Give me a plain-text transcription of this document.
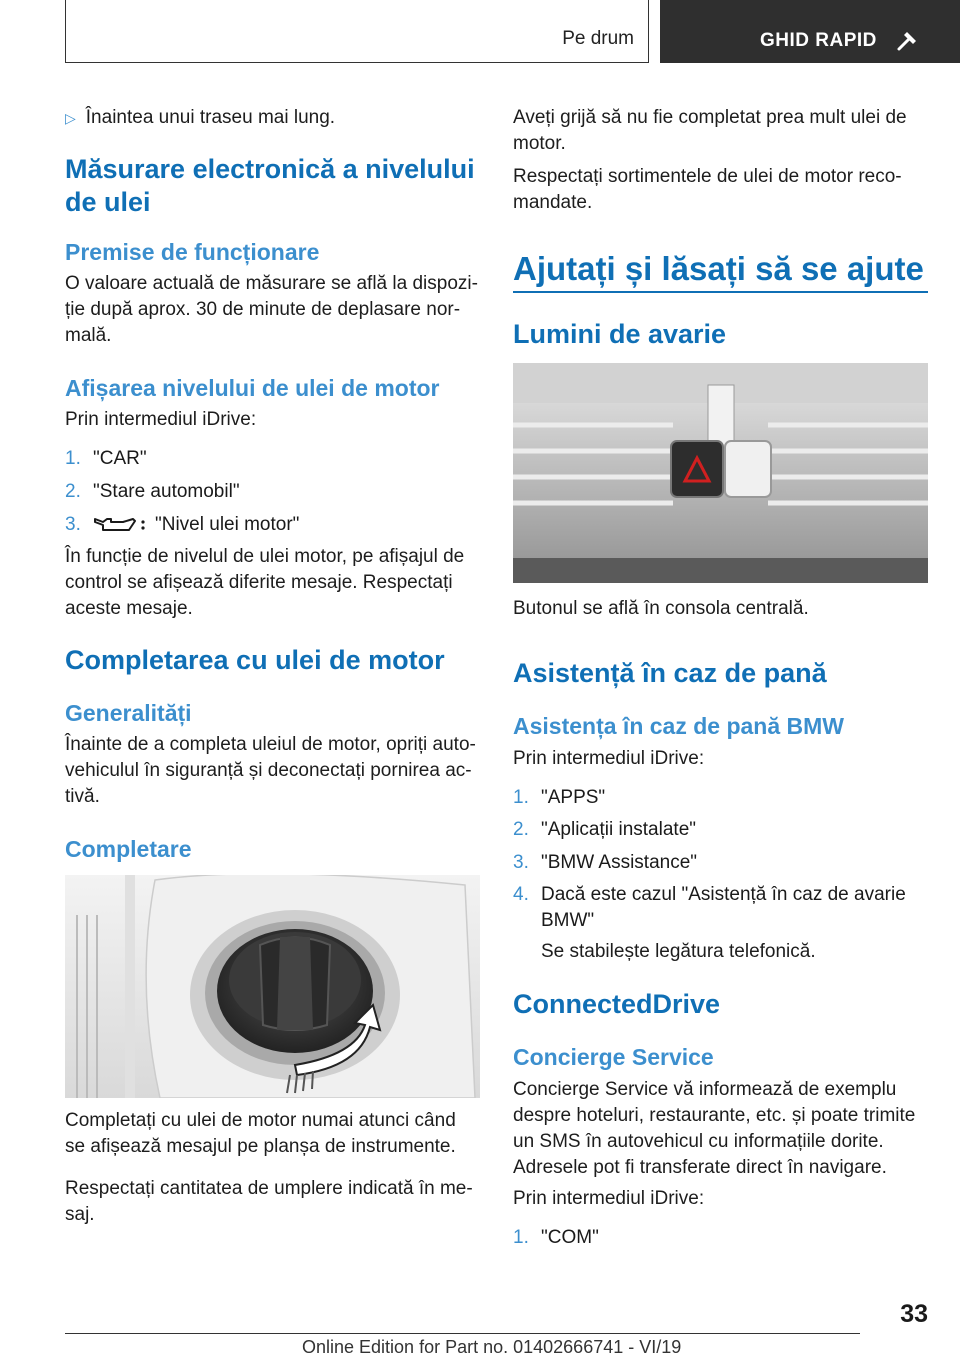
Pe drum	GHID RAPID
▷ Înaintea unui traseu mai lung.
Măsurare electronică a nivelului de ulei
Premise de funcționare
O valoare actuală de măsurare se află la dispozi-ție după aprox. 30 de minute de deplasare nor-mală.
Afișarea nivelului de ulei de motor
Prin intermediul iDrive:
1. "CAR"
2. "Stare automobil"
3.	"Nivel ulei motor"
În funcție de nivelul de ulei motor, pe afișajul de control se afișează diferite mesaje. Respectați aceste mesaje.
Completarea cu ulei de motor
Generalități
Înainte de a completa uleiul de motor, opriți auto-vehiculul în siguranță și deconectați pornirea ac-tivă.
Completare
Completați cu ulei de motor numai atunci când se afișează mesajul pe planșa de instrumente.
Respectați cantitatea de umplere indicată în me-saj.
Aveți grijă să nu fie completat prea mult ulei de motor.
Respectați sortimentele de ulei de motor reco-mandate.
Ajutați și lăsați să se ajute
Lumini de avarie
Butonul se află în consola centrală.
Asistență în caz de pană
Asistența în caz de pană BMW
Prin intermediul iDrive:
1. "APPS"
2. "Aplicații instalate"
3. "BMW Assistance"
4. Dacă este cazul "Asistență în caz de avarie BMW"
Se stabilește legătura telefonică.
ConnectedDrive
Concierge Service
Concierge Service vă informează de exemplu despre hoteluri, restaurante, etc. și poate trimite un SMS în autovehicul cu informațiile dorite. Adresele pot fi transferate direct în navigare.
Prin intermediul iDrive:
1. "COM"
33
Online Edition for Part no. 01402666741 - VI/19
